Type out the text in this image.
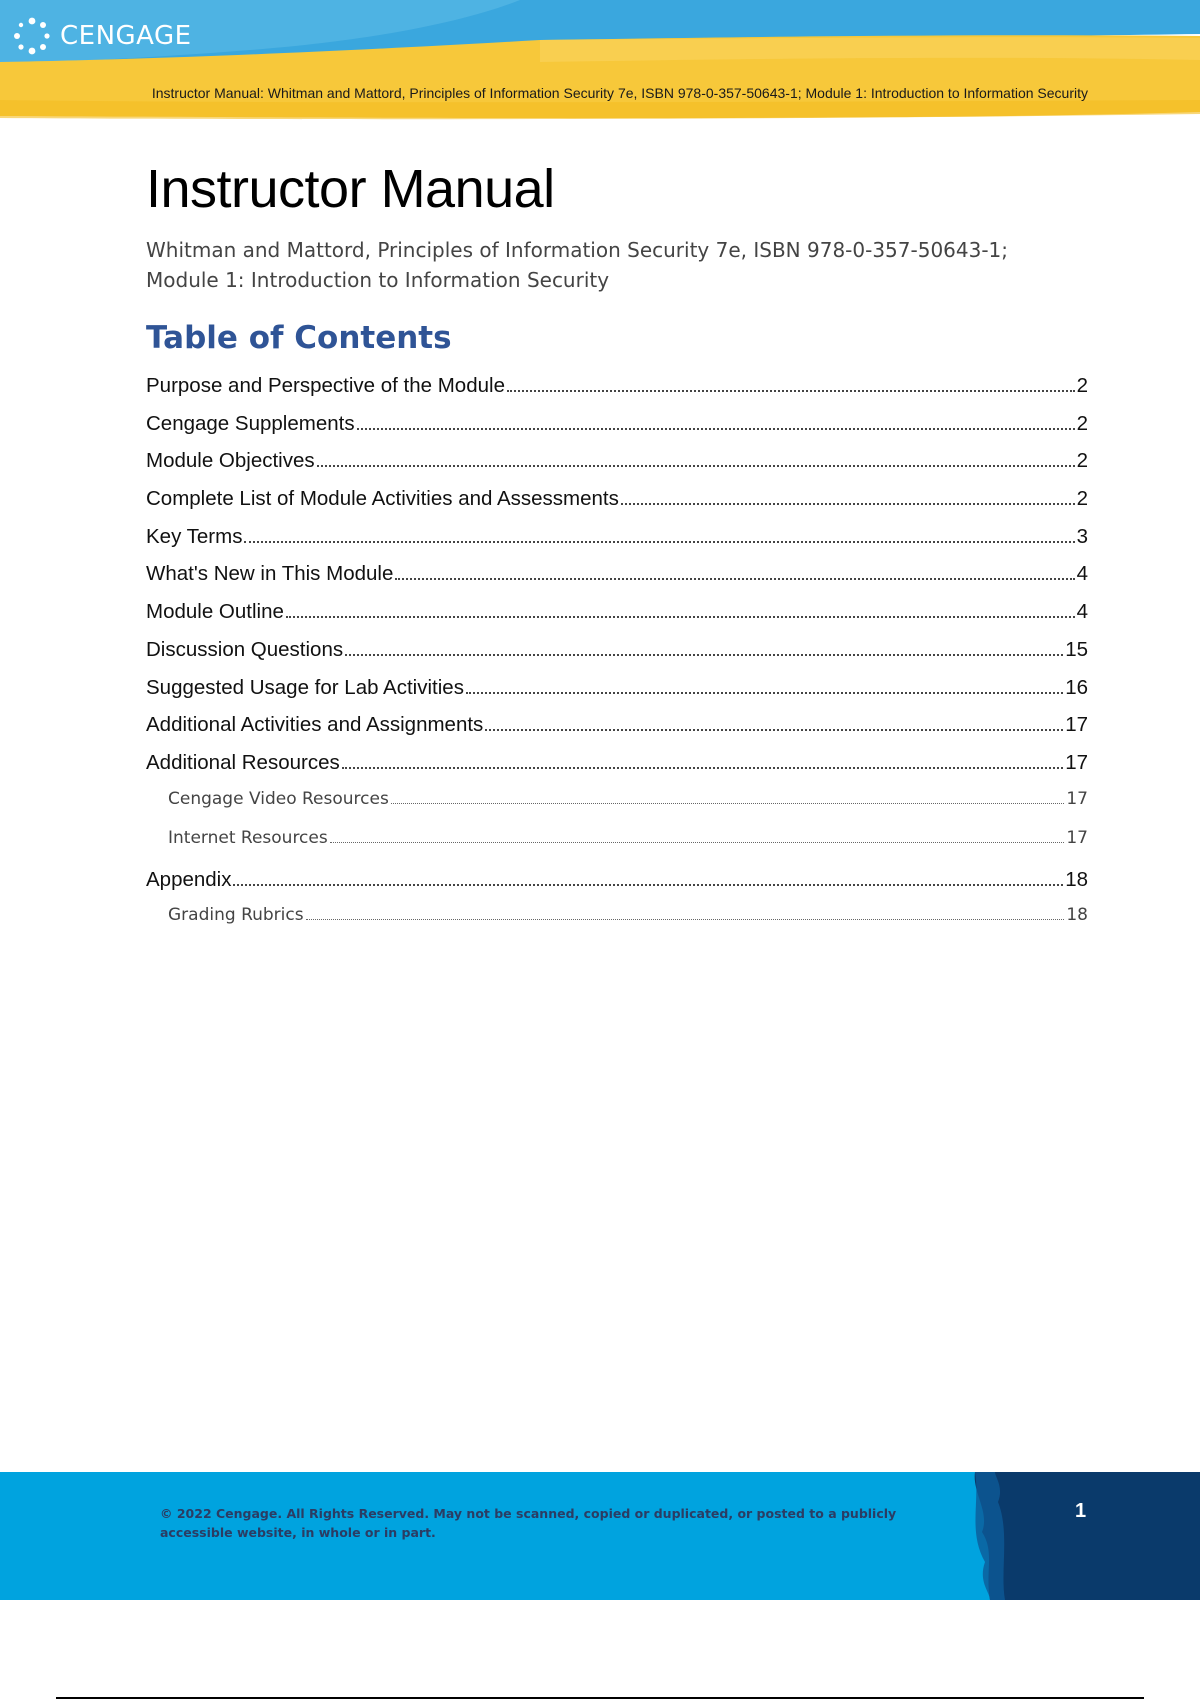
CENGAGE
Instructor Manual: Whitman and Mattord, Principles of Information Security 7e, ISBN 978-0-357-50643-1; Module 1: Introduction to Information Security
Instructor Manual

Whitman and Mattord, Principles of Information Security 7e, ISBN 978-0-357-50643-1; Module 1: Introduction to Information Security

Table of Contents
Purpose and Perspective of the Module	2
Cengage Supplements	2
Module Objectives	2
Complete List of Module Activities and Assessments	2
Key Terms	3
What's New in This Module	4
Module Outline	4
Discussion Questions	15
Suggested Usage for Lab Activities	16
Additional Activities and Assignments	17
Additional Resources	17
Cengage Video Resources	17
Internet Resources	17
Appendix	18
Grading Rubrics	18

© 2022 Cengage. All Rights Reserved. May not be scanned, copied or duplicated, or posted to a publicly accessible website, in whole or in part.

1
